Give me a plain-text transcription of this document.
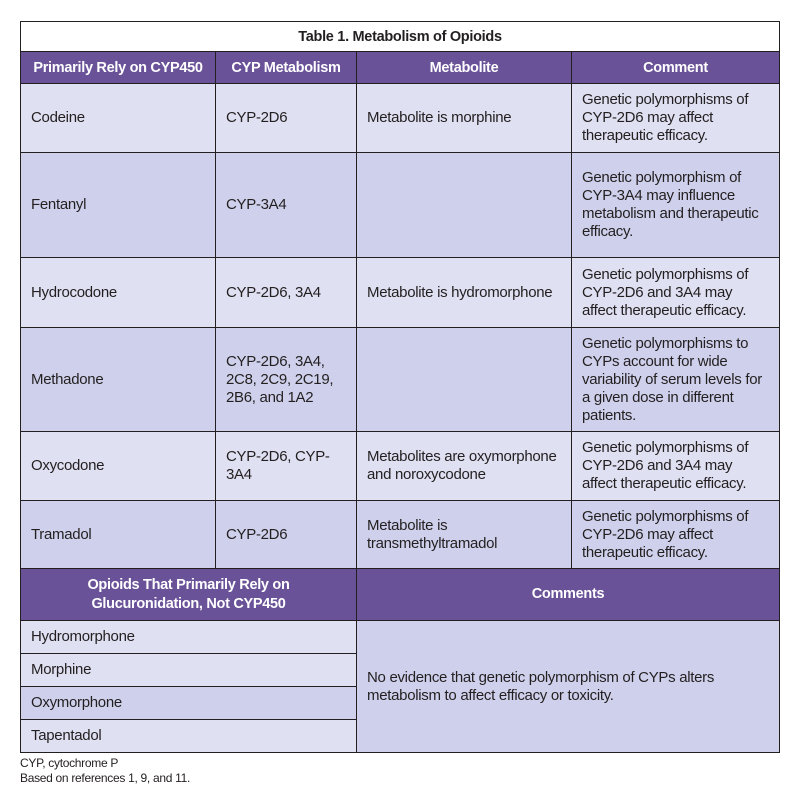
Table 1. Metabolism of Opioids			
Primarily Rely on CYP450	CYP Metabolism	Metabolite	Comment
Codeine	CYP-2D6	Metabolite is morphine	Genetic polymorphisms of CYP-2D6 may affect therapeutic efficacy.
Fentanyl	CYP-3A4		Genetic polymorphism of CYP-3A4 may influence metabolism and therapeutic efficacy.
Hydrocodone	CYP-2D6, 3A4	Metabolite is hydromorphone	Genetic polymorphisms of CYP-2D6 and 3A4 may affect therapeutic efficacy.
Methadone	CYP-2D6, 3A4, 2C8, 2C9, 2C19, 2B6, and 1A2		Genetic polymorphisms to CYPs account for wide variability of serum levels for a given dose in different patients.
Oxycodone	CYP-2D6, CYP-3A4	Metabolites are oxymorphone and noroxycodone	Genetic polymorphisms of CYP-2D6 and 3A4 may affect therapeutic efficacy.
Tramadol	CYP-2D6	Metabolite is transmethyltramadol	Genetic polymorphisms of CYP-2D6 may affect therapeutic efficacy.
Opioids That Primarily Rely on Glucuronidation, Not CYP450		Comments	
Hydromorphone		No evidence that genetic polymorphism of CYPs alters metabolism to affect efficacy or toxicity.	
Morphine			
Oxymorphone			
Tapentadol			
CYP, cytochrome P
Based on references 1, 9, and 11.
